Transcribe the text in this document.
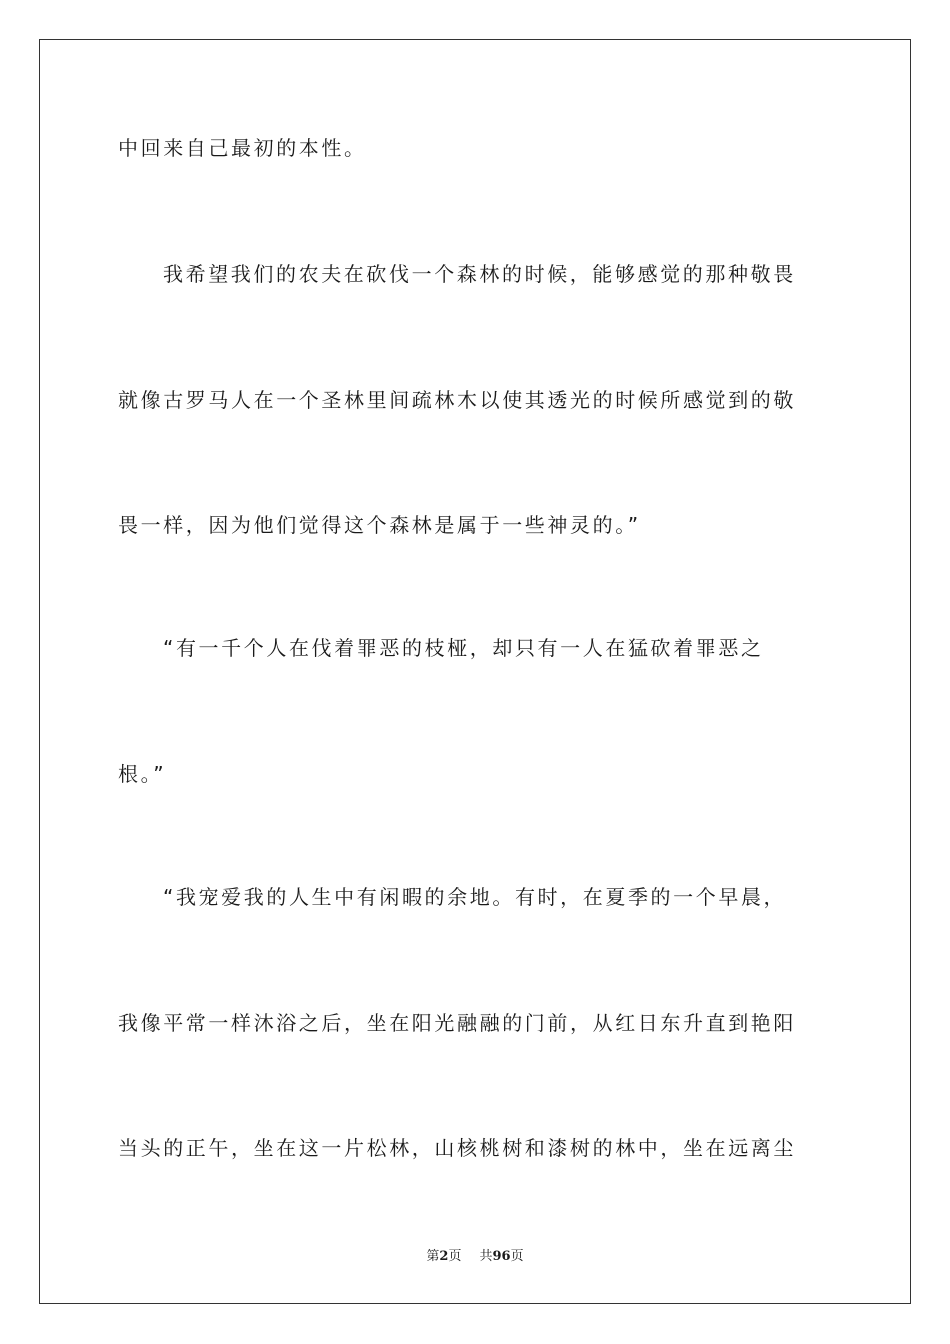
中回来自己最初的本性。
我希望我们的农夫在砍伐一个森林的时候，能够感觉的那种敬畏
就像古罗马人在一个圣林里间疏林木以使其透光的时候所感觉到的敬
畏一样，因为他们觉得这个森林是属于一些神灵的。”
“有一千个人在伐着罪恶的枝桠，却只有一人在猛砍着罪恶之
根。”
“我宠爱我的人生中有闲暇的余地。有时，在夏季的一个早晨，
我像平常一样沐浴之后，坐在阳光融融的门前，从红日东升直到艳阳
当头的正午，坐在这一片松林，山核桃树和漆树的林中，坐在远离尘
第2页 共96页
